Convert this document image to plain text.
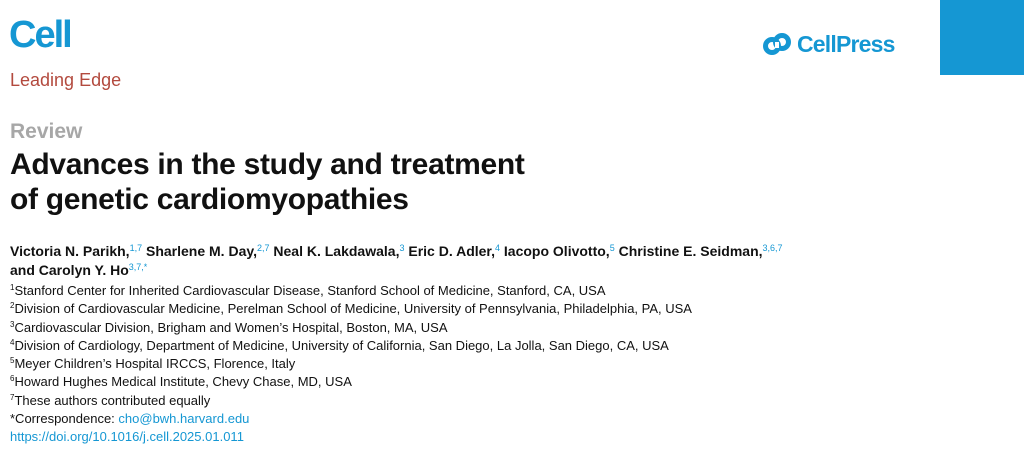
Cell
Leading Edge
CellPress
Review
Advances in the study and treatment
of genetic cardiomyopathies
Victoria N. Parikh,$^{1,7}$ Sharlene M. Day,$^{2,7}$ Neal K. Lakdawala,$^3$ Eric D. Adler,$^4$ Iacopo Olivotto,$^5$ Christine E. Seidman,$^{3,6,7}$
and Carolyn Y. $Ho^{3,7,*}$
$^1$Stanford Center for Inherited Cardiovascular Disease, Stanford School of Medicine, Stanford, CA, USA
$^2$Division of Cardiovascular Medicine, Perelman School of Medicine, University of Pennsylvania, Philadelphia, PA, USA
$^3$Cardiovascular Division, Brigham and Women’s Hospital, Boston, MA, USA
$^4$Division of Cardiology, Department of Medicine, University of California, San Diego, La Jolla, San Diego, CA, USA
$^5$Meyer Children’s Hospital IRCCS, Florence, Italy
$^6$Howard Hughes Medical Institute, Chevy Chase, MD, USA
$^7$These authors contributed equally
*Correspondence: cho@bwh.harvard.edu
https://doi.org/10.1016/j.cell.2025.01.011
